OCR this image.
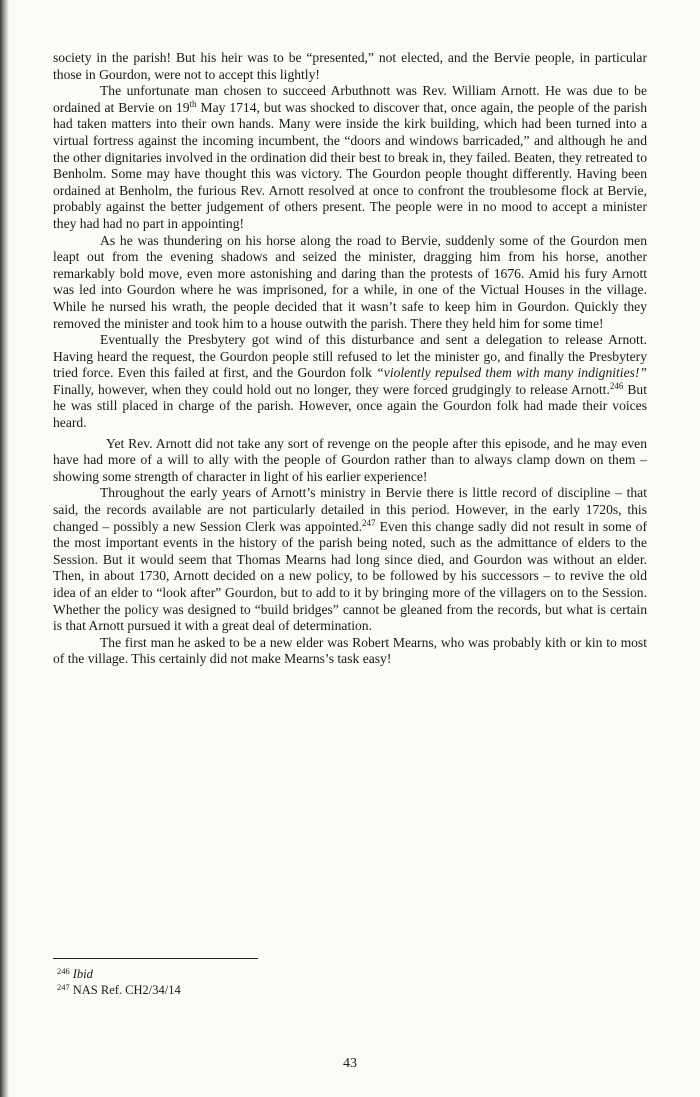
society in the parish! But his heir was to be “presented,” not elected, and the Bervie people, in particular those in Gourdon, were not to accept this lightly!

The unfortunate man chosen to succeed Arbuthnott was Rev. William Arnott. He was due to be ordained at Bervie on 19th May 1714, but was shocked to discover that, once again, the people of the parish had taken matters into their own hands. Many were inside the kirk building, which had been turned into a virtual fortress against the incoming incumbent, the “doors and windows barricaded,” and although he and the other dignitaries involved in the ordination did their best to break in, they failed. Beaten, they retreated to Benholm. Some may have thought this was victory. The Gourdon people thought differently. Having been ordained at Benholm, the furious Rev. Arnott resolved at once to confront the troublesome flock at Bervie, probably against the better judgement of others present. The people were in no mood to accept a minister they had had no part in appointing!

As he was thundering on his horse along the road to Bervie, suddenly some of the Gourdon men leapt out from the evening shadows and seized the minister, dragging him from his horse, another remarkably bold move, even more astonishing and daring than the protests of 1676. Amid his fury Arnott was led into Gourdon where he was imprisoned, for a while, in one of the Victual Houses in the village. While he nursed his wrath, the people decided that it wasn’t safe to keep him in Gourdon. Quickly they removed the minister and took him to a house outwith the parish. There they held him for some time!

Eventually the Presbytery got wind of this disturbance and sent a delegation to release Arnott. Having heard the request, the Gourdon people still refused to let the minister go, and finally the Presbytery tried force. Even this failed at first, and the Gourdon folk “violently repulsed them with many indignities!” Finally, however, when they could hold out no longer, they were forced grudgingly to release Arnott.$^{246}$ But he was still placed in charge of the parish. However, once again the Gourdon folk had made their voices heard.

Yet Rev. Arnott did not take any sort of revenge on the people after this episode, and he may even have had more of a will to ally with the people of Gourdon rather than to always clamp down on them – showing some strength of character in light of his earlier experience!

Throughout the early years of Arnott’s ministry in Bervie there is little record of discipline – that said, the records available are not particularly detailed in this period. However, in the early 1720s, this changed – possibly a new Session Clerk was appointed.$^{247}$ Even this change sadly did not result in some of the most important events in the history of the parish being noted, such as the admittance of elders to the Session. But it would seem that Thomas Mearns had long since died, and Gourdon was without an elder. Then, in about 1730, Arnott decided on a new policy, to be followed by his successors – to revive the old idea of an elder to “look after” Gourdon, but to add to it by bringing more of the villagers on to the Session. Whether the policy was designed to “build bridges” cannot be gleaned from the records, but what is certain is that Arnott pursued it with a great deal of determination.

The first man he asked to be a new elder was Robert Mearns, who was probably kith or kin to most of the village. This certainly did not make Mearns’s task easy!

$^{246}$ Ibid
$^{247}$ NAS Ref. CH2/34/14
43
